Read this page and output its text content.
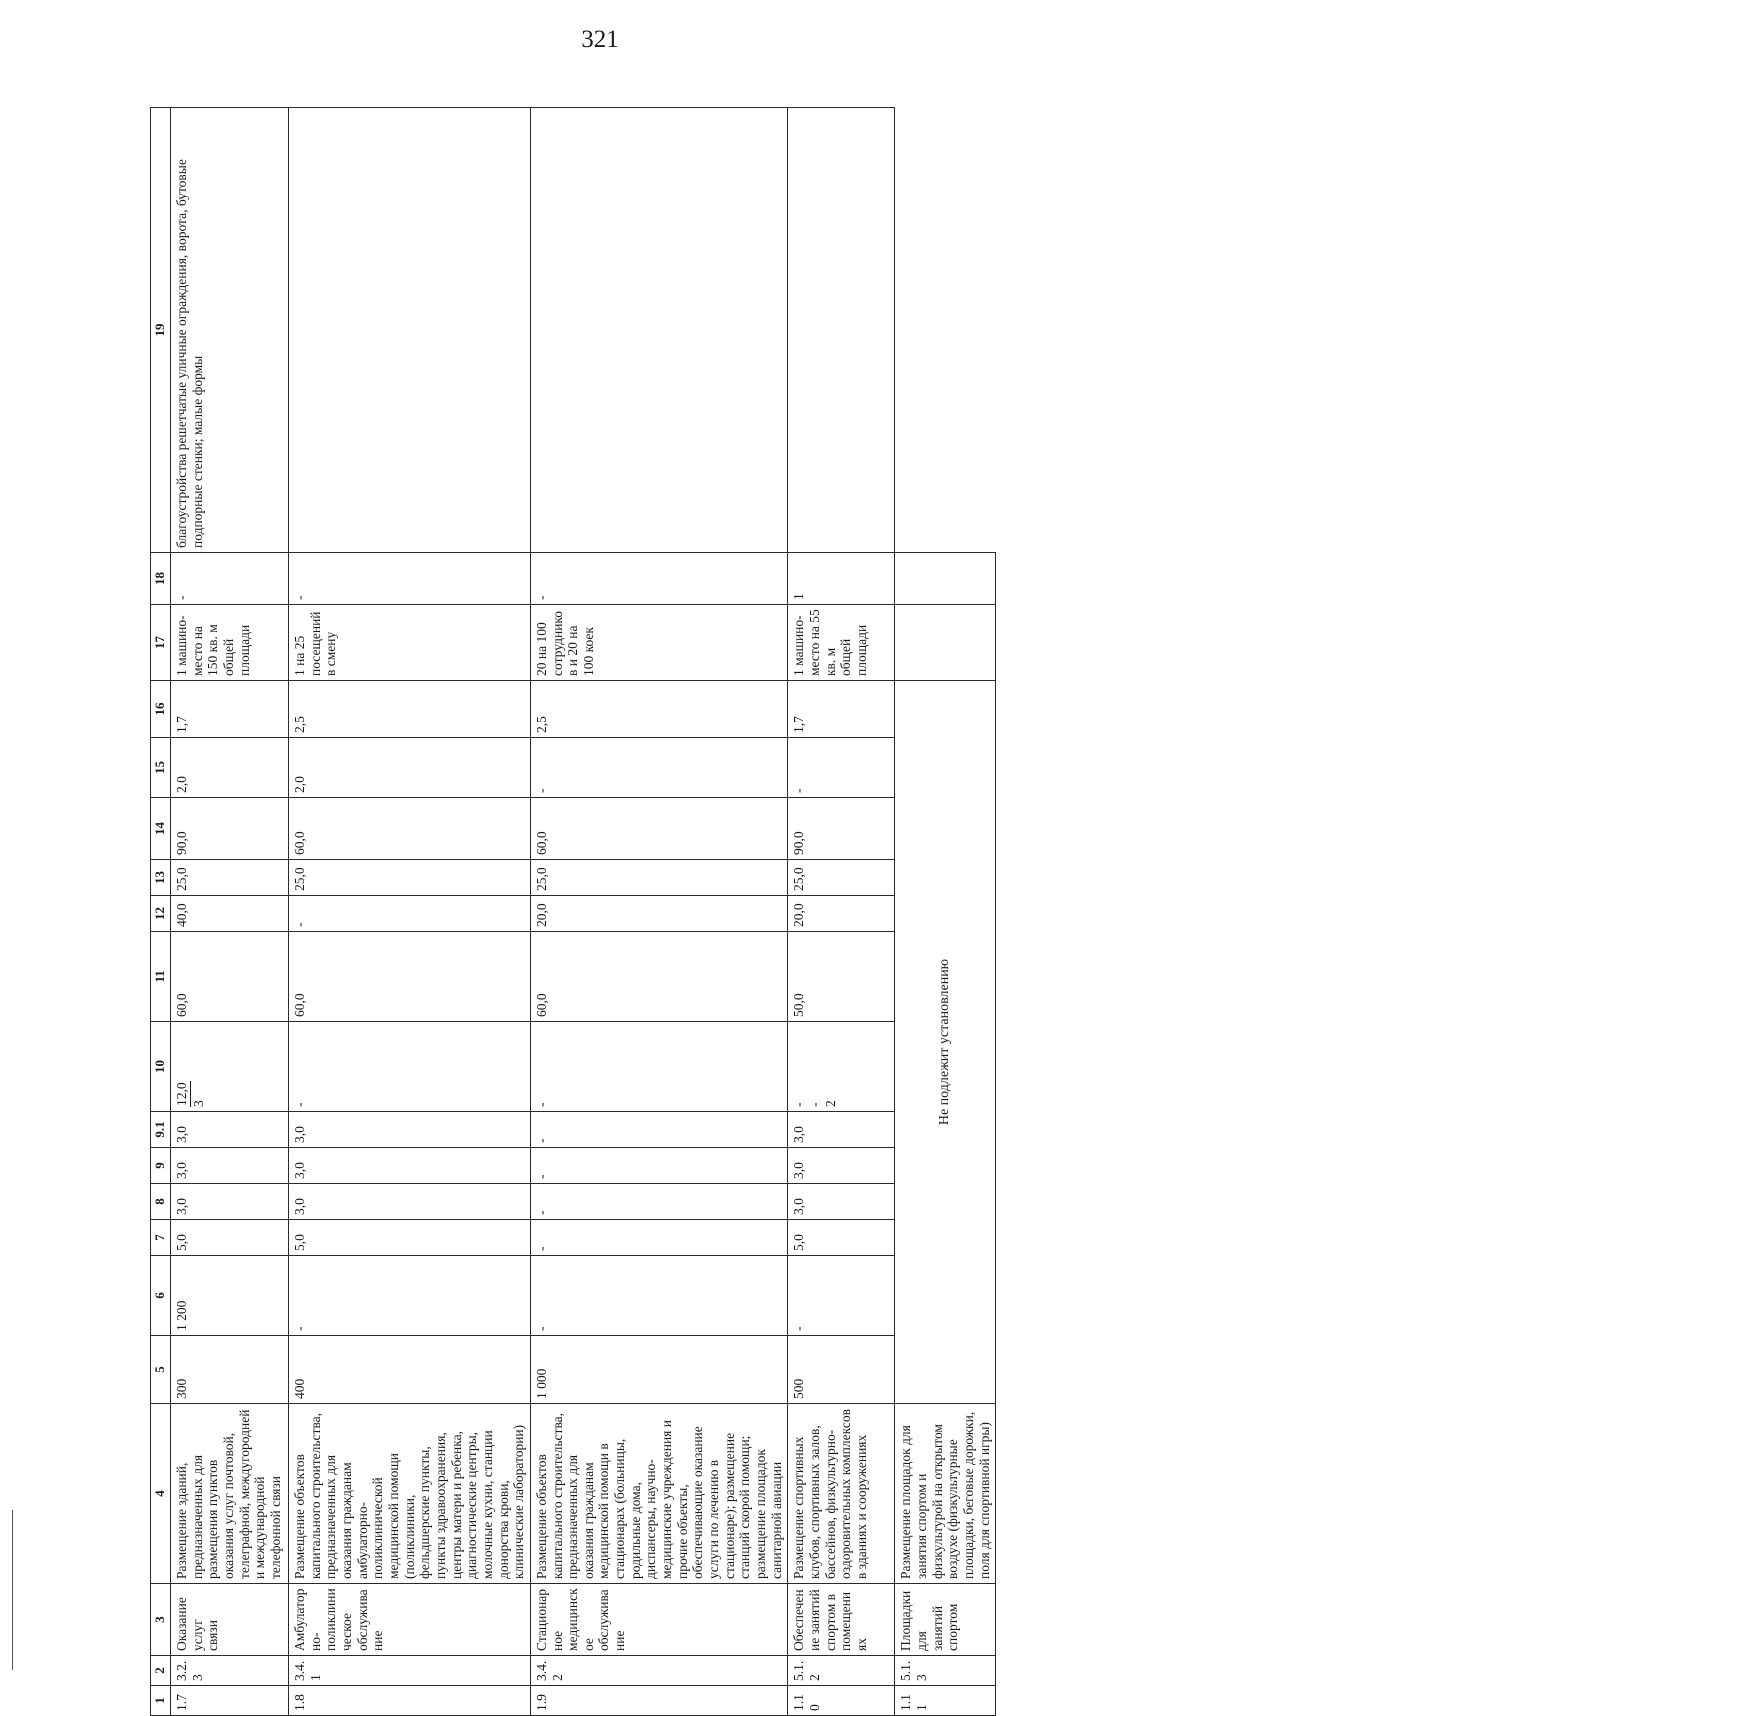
321
1	2	3	4	5	6	7	8	9	9.1	10	11	12	13	14	15	16	17	18	19
1.7	3.2.3	Оказание услуг связи	Размещение зданий, предназначенных для размещения пунктов оказания услуг почтовой, телеграфной, междугородней и международной телефонной связи	300	1 200	5,0	3,0	3,0	3,0	12,0 3	60,0	40,0	25,0	90,0	2,0	1,7	1 машино-место на 150 кв. м общей площади	-	благоустройства решетчатые уличные ограждения, ворота, бутовые подпорные стенки; малые формы
1.8	3.4.1	Амбулаторно-поликлиническое обслуживание	Размещение объектов капитального строительства, предназначенных для оказания гражданам амбулаторно-поликлинической медицинской помощи (поликлиники, фельдшерские пункты, пункты здравоохранения, центры матери и ребенка, диагностические центры, молочные кухни, станции донорства крови, клинические лаборатории)	400	-	5,0	3,0	3,0	3,0	-	60,0	-	25,0	60,0	2,0	2,5	1 на 25 посещений в смену	-	
1.9	3.4.2	Стационарное медицинское обслуживание	Размещение объектов капитального строительства, предназначенных для оказания гражданам медицинской помощи в стационарах (больницы, родильные дома, диспансеры, научно-медицинские учреждения и прочие объекты, обеспечивающие оказание услуги по лечению в стационаре); размещение станций скорой помощи; размещение площадок санитарной авиации	1 000	-	-	-	-	-	-	60,0	20,0	25,0	60,0	-	2,5	20 на 100 сотрудников и 20 на 100 коек	-	
1.10	5.1.2	Обеспечение занятий спортом в помещениях	Размещение спортивных клубов, спортивных залов, бассейнов, физкультурно-оздоровительных комплексов в зданиях и сооружениях	500	-	5,0	3,0	3,0	3,0	- - 2	50,0	20,0	25,0	90,0	-	1,7	1 машино-место на 55 кв. м общей площади	1	
1.11	5.1.3	Площадки для занятий спортом	Размещение площадок для занятия спортом и физкультурой на открытом воздухе (физкультурные площадки, беговые дорожки, поля для спортивной игры)	Не подлежит установлению															
